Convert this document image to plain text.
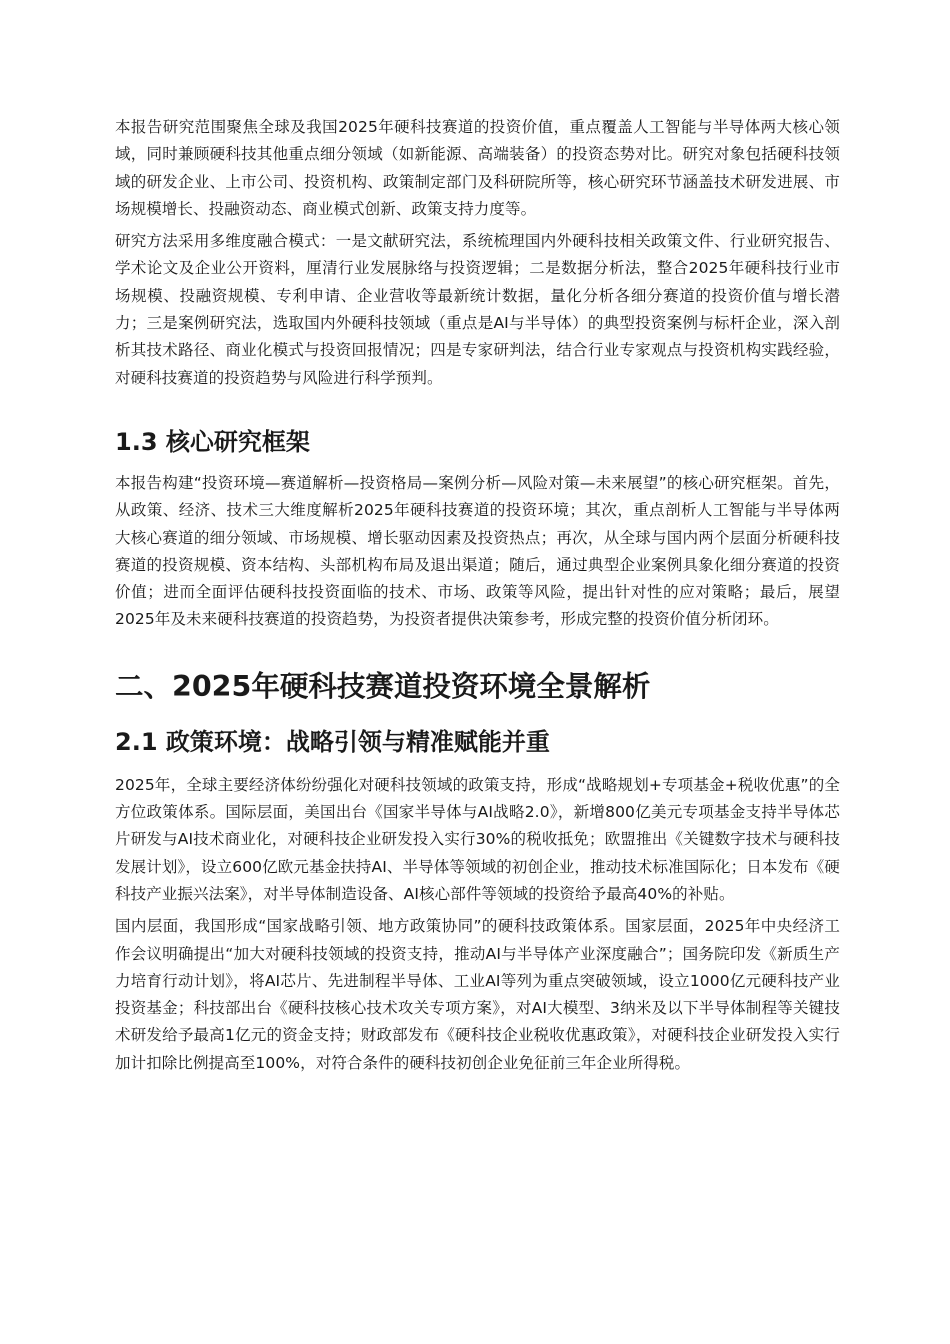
本报告研究范围聚焦全球及我国2025年硬科技赛道的投资价值，重点覆盖人工智能与半导体两大核心领域，同时兼顾硬科技其他重点细分领域（如新能源、高端装备）的投资态势对比。研究对象包括硬科技领域的研发企业、上市公司、投资机构、政策制定部门及科研院所等，核心研究环节涵盖技术研发进展、市场规模增长、投融资动态、商业模式创新、政策支持力度等。

研究方法采用多维度融合模式：一是文献研究法，系统梳理国内外硬科技相关政策文件、行业研究报告、学术论文及企业公开资料，厘清行业发展脉络与投资逻辑；二是数据分析法，整合2025年硬科技行业市场规模、投融资规模、专利申请、企业营收等最新统计数据，量化分析各细分赛道的投资价值与增长潜力；三是案例研究法，选取国内外硬科技领域（重点是AI与半导体）的典型投资案例与标杆企业，深入剖析其技术路径、商业化模式与投资回报情况；四是专家研判法，结合行业专家观点与投资机构实践经验，对硬科技赛道的投资趋势与风险进行科学预判。

1.3 核心研究框架

本报告构建“投资环境—赛道解析—投资格局—案例分析—风险对策—未来展望”的核心研究框架。首先，从政策、经济、技术三大维度解析2025年硬科技赛道的投资环境；其次，重点剖析人工智能与半导体两大核心赛道的细分领域、市场规模、增长驱动因素及投资热点；再次，从全球与国内两个层面分析硬科技赛道的投资规模、资本结构、头部机构布局及退出渠道；随后，通过典型企业案例具象化细分赛道的投资价值；进而全面评估硬科技投资面临的技术、市场、政策等风险，提出针对性的应对策略；最后，展望2025年及未来硬科技赛道的投资趋势，为投资者提供决策参考，形成完整的投资价值分析闭环。

二、2025年硬科技赛道投资环境全景解析
2.1 政策环境：战略引领与精准赋能并重

2025年，全球主要经济体纷纷强化对硬科技领域的政策支持，形成“战略规划+专项基金+税收优惠”的全方位政策体系。国际层面，美国出台《国家半导体与AI战略2.0》，新增800亿美元专项基金支持半导体芯片研发与AI技术商业化，对硬科技企业研发投入实行30%的税收抵免；欧盟推出《关键数字技术与硬科技发展计划》，设立600亿欧元基金扶持AI、半导体等领域的初创企业，推动技术标准国际化；日本发布《硬科技产业振兴法案》，对半导体制造设备、AI核心部件等领域的投资给予最高40%的补贴。

国内层面，我国形成“国家战略引领、地方政策协同”的硬科技政策体系。国家层面，2025年中央经济工作会议明确提出“加大对硬科技领域的投资支持，推动AI与半导体产业深度融合”；国务院印发《新质生产力培育行动计划》，将AI芯片、先进制程半导体、工业AI等列为重点突破领域，设立1000亿元硬科技产业投资基金；科技部出台《硬科技核心技术攻关专项方案》，对AI大模型、3纳米及以下半导体制程等关键技术研发给予最高1亿元的资金支持；财政部发布《硬科技企业税收优惠政策》，对硬科技企业研发投入实行加计扣除比例提高至100%，对符合条件的硬科技初创企业免征前三年企业所得税。
